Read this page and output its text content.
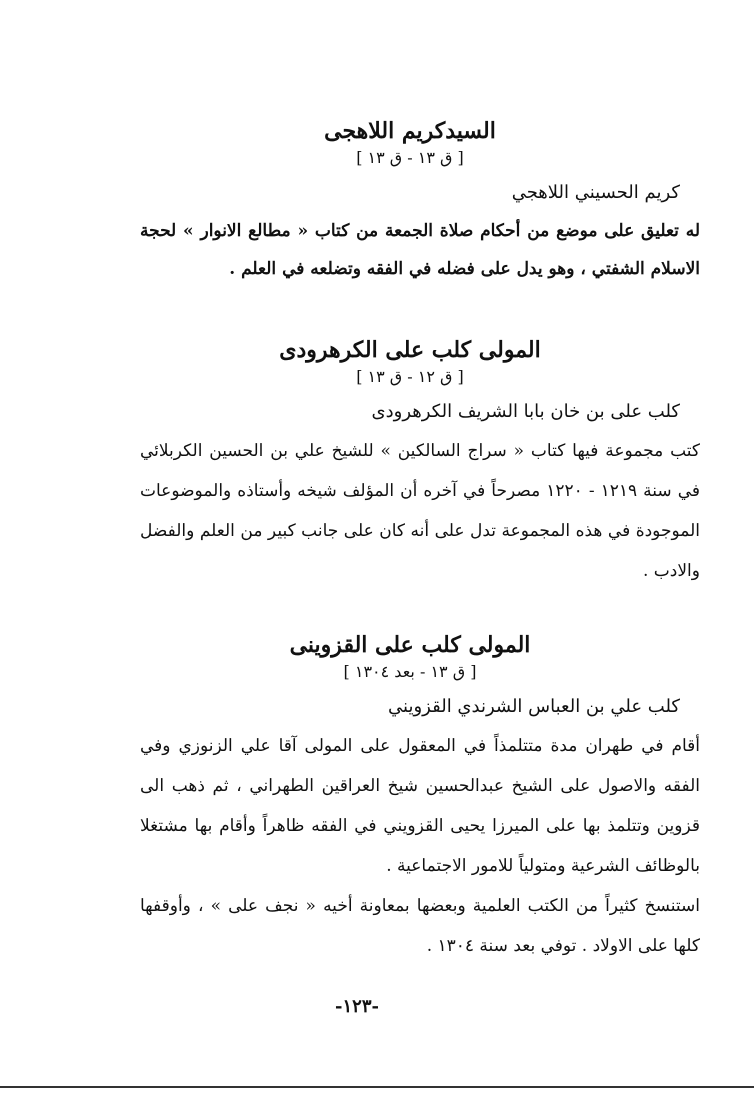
السيدكريم اللاهجى
[ ق ١٣ - ق ١٣ ]
كريم الحسيني اللاهجي

له تعليق على موضع من أحكام صلاة الجمعة من كتاب « مطالع الانوار » لحجة الاسلام الشفتي ، وهو يدل على فضله في الفقه وتضلعه في العلم .

المولى كلب على الكرهرودى
[ ق ١٢ - ق ١٣ ]
كلب على بن خان بابا الشريف الكرهرودى

كتب مجموعة فيها كتاب « سراج السالكين » للشيخ علي بن الحسين الكربلائي في سنة ١٢١٩ - ١٢٢٠ مصرحاً في آخره أن المؤلف شيخه وأستاذه والموضوعات الموجودة في هذه المجموعة تدل على أنه كان على جانب كبير من العلم والفضل والادب .

المولى كلب على القزوينى
[ ق ١٣ - بعد ١٣٠٤ ]
كلب علي بن العباس الشرندي القزويني

أقام في طهران مدة متتلمذاً في المعقول على المولى آقا علي الزنوزي وفي الفقه والاصول على الشيخ عبدالحسين شيخ العراقين الطهراني ، ثم ذهب الى قزوين وتتلمذ بها على الميرزا يحيى القزويني في الفقه ظاهراً وأقام بها مشتغلا بالوظائف الشرعية ومتولياً للامور الاجتماعية .

استنسخ كثيراً من الكتب العلمية وبعضها بمعاونة أخيه « نجف على » ، وأوقفها كلها على الاولاد . توفي بعد سنة ١٣٠٤ .

-١٢٣-
